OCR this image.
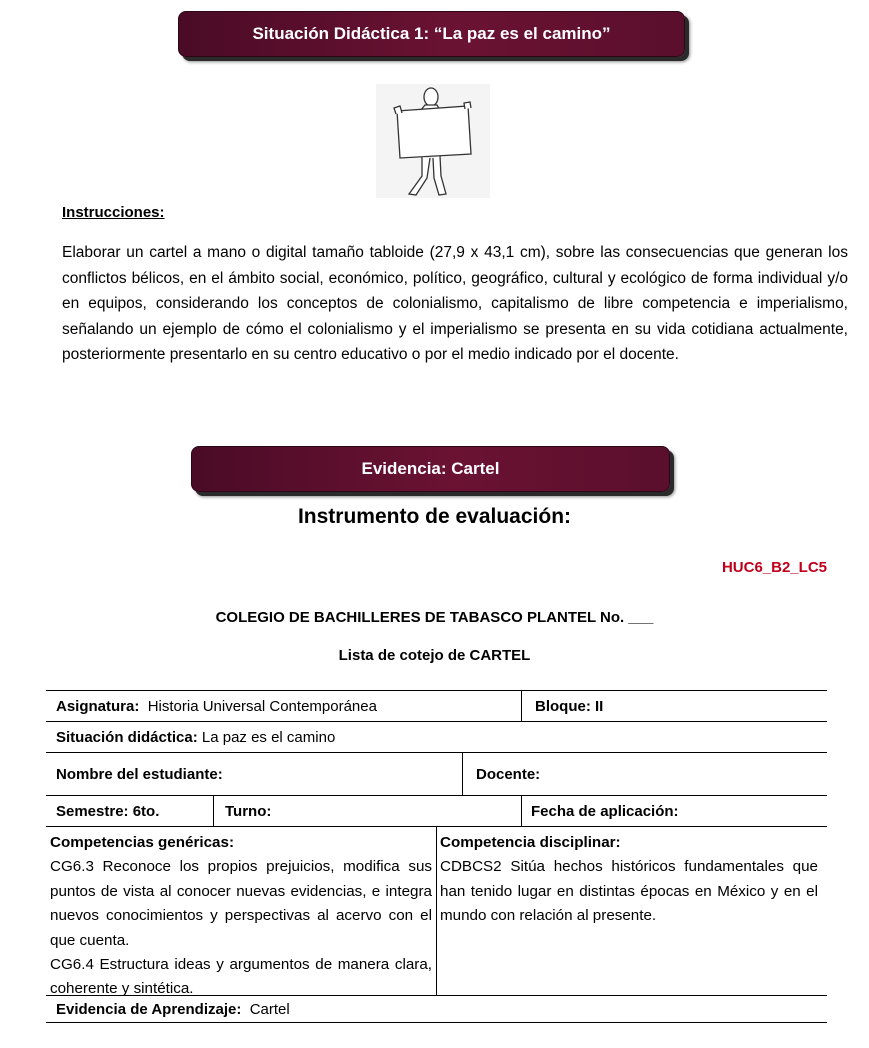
Situación Didáctica 1: “La paz es el camino”
Instrucciones:
Elaborar un cartel a mano o digital tamaño tabloide (27,9 x 43,1 cm), sobre las consecuencias que generan los conflictos bélicos, en el ámbito social, económico, político, geográfico, cultural y ecológico de forma individual y/o en equipos, considerando los conceptos de colonialismo, capitalismo de libre competencia e imperialismo, señalando un ejemplo de cómo el colonialismo y el imperialismo se presenta en su vida cotidiana actualmente, posteriormente presentarlo en su centro educativo o por el medio indicado por el docente.
Evidencia: Cartel
Instrumento de evaluación:
HUC6_B2_LC5
COLEGIO DE BACHILLERES DE TABASCO PLANTEL No. ___
Lista de cotejo de CARTEL
Asignatura:
Historia Universal Contemporánea	Bloque: II
Situación didáctica:
La paz es el camino
Nombre del estudiante:	Docente:
Semestre: 6to.	Turno:	Fecha de aplicación:
Competencias genéricas:
CG6.3 Reconoce los propios prejuicios, modifica sus puntos de vista al conocer nuevas evidencias, e integra nuevos conocimientos y perspectivas al acervo con el que cuenta.
CG6.4 Estructura ideas y argumentos de manera clara, coherente y sintética.
Competencia disciplinar:
CDBCS2 Sitúa hechos históricos fundamentales que han tenido lugar en distintas épocas en México y en el mundo con relación al presente.
Evidencia de Aprendizaje:
Cartel
